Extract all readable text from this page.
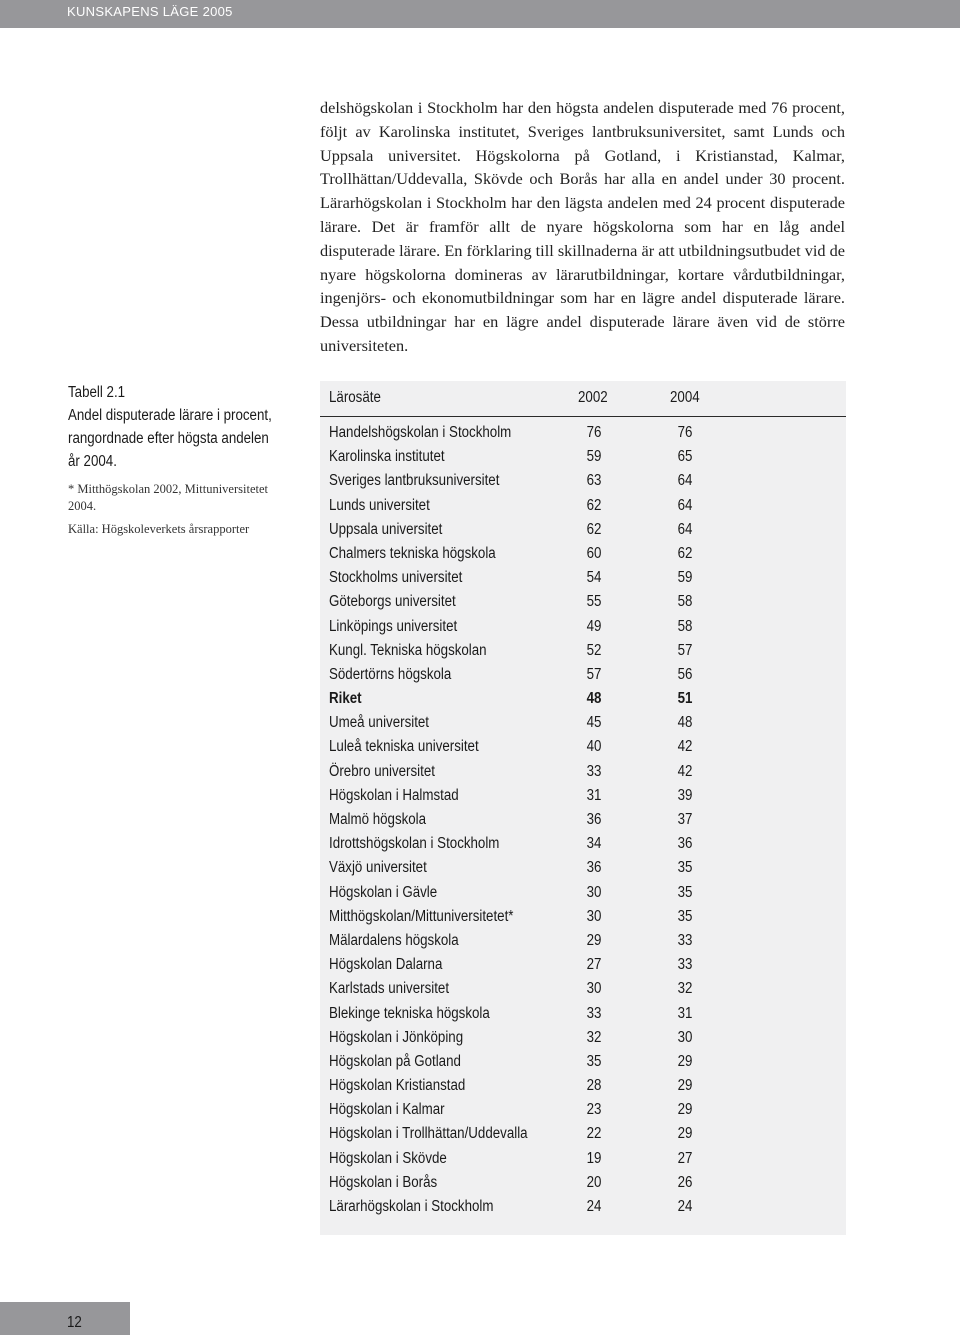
KUNSKAPENS LÄGE 2005

delshögskolan i Stockholm har den högsta andelen disputerade med 76 procent, följt av Karolinska institutet, Sveriges lantbruksuniversitet, samt Lunds och Uppsala universitet. Högskolorna på Gotland, i Kristianstad, Kalmar, Trollhättan/Uddevalla, Skövde och Borås har alla en andel under 30 procent. Lärarhögskolan i Stockholm har den lägsta andelen med 24 procent disputerade lärare. Det är framför allt de nyare högskolorna som har en låg andel disputerade lärare. En förklaring till skillnaderna är att utbildningsutbudet vid de nyare högskolorna domineras av lärarutbildningar, kortare vårdutbildningar, ingenjörs- och ekonomutbildningar som har en lägre andel disputerade lärare. Dessa utbildningar har en lägre andel disputerade lärare även vid de större universiteten.

Tabell 2.1
Andel disputerade lärare i procent, rangordnade efter högsta andelen år 2004.
* Mitthögskolan 2002, Mittuniversitetet 2004.
Källa: Högskoleverkets årsrapporter
Lärosäte	2002	2004
Handelshögskolan i Stockholm	76	76
Karolinska institutet	59	65
Sveriges lantbruksuniversitet	63	64
Lunds universitet	62	64
Uppsala universitet	62	64
Chalmers tekniska högskola	60	62
Stockholms universitet	54	59
Göteborgs universitet	55	58
Linköpings universitet	49	58
Kungl. Tekniska högskolan	52	57
Södertörns högskola	57	56
Riket	48	51
Umeå universitet	45	48
Luleå tekniska universitet	40	42
Örebro universitet	33	42
Högskolan i Halmstad	31	39
Malmö högskola	36	37
Idrottshögskolan i Stockholm	34	36
Växjö universitet	36	35
Högskolan i Gävle	30	35
Mitthögskolan/Mittuniversitetet*	30	35
Mälardalens högskola	29	33
Högskolan Dalarna	27	33
Karlstads universitet	30	32
Blekinge tekniska högskola	33	31
Högskolan i Jönköping	32	30
Högskolan på Gotland	35	29
Högskolan Kristianstad	28	29
Högskolan i Kalmar	23	29
Högskolan i Trollhättan/Uddevalla	22	29
Högskolan i Skövde	19	27
Högskolan i Borås	20	26
Lärarhögskolan i Stockholm	24	24
12
